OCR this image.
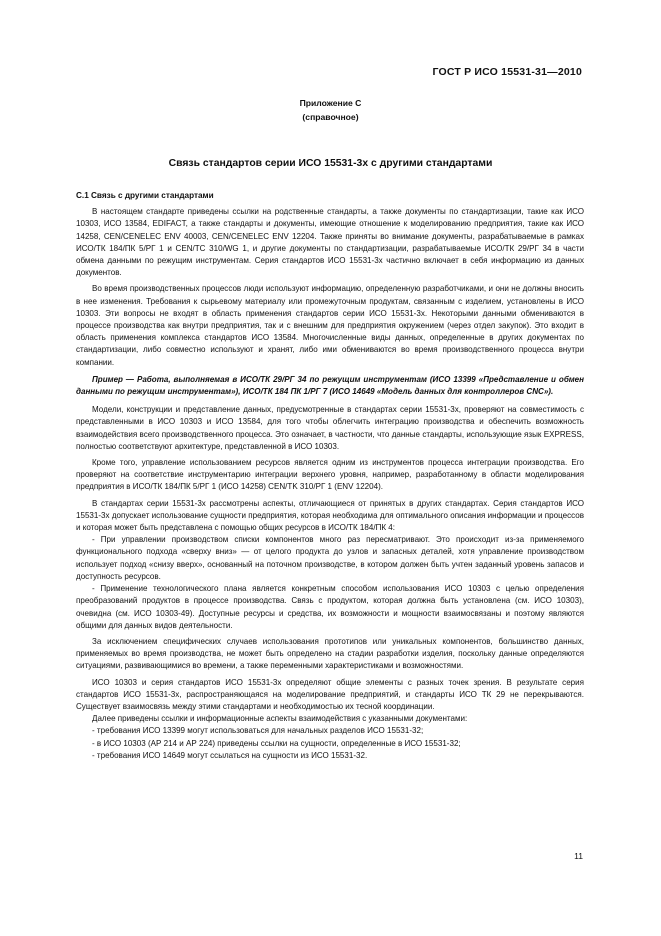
ГОСТ Р ИСО 15531-31—2010
Приложение С
(справочное)
Связь стандартов серии ИСО 15531-3х с другими стандартами
С.1 Связь с другими стандартами

В настоящем стандарте приведены ссылки на родственные стандарты, а также документы по стандартизации, такие как ИСО 10303, ИСО 13584, EDIFACT, а также стандарты и документы, имеющие отношение к моделированию предприятия, такие как ИСО 14258, CEN/CENELEC ENV 40003, CEN/CENELEC ENV 12204. Также приняты во внимание документы, разрабатываемые в рамках ИСО/ТК 184/ПК 5/РГ 1 и CEN/TC 310/WG 1, и другие документы по стандартизации, разрабатываемые ИСО/ТК 29/РГ 34 в части обмена данными по режущим инструментам. Серия стандартов ИСО 15531-3х частично включает в себя информацию из данных документов.

Во время производственных процессов люди используют информацию, определенную разработчиками, и они не должны вносить в нее изменения. Требования к сырьевому материалу или промежуточным продуктам, связанным с изделием, установлены в ИСО 10303. Эти вопросы не входят в область применения стандартов серии ИСО 15531-3х. Некоторыми данными обмениваются в процессе производства как внутри предприятия, так и с внешним для предприятия окружением (через отдел закупок). Это входит в область применения комплекса стандартов ИСО 13584. Многочисленные виды данных, определенные в других документах по стандартизации, либо совместно используют и хранят, либо ими обмениваются во время производственного процесса внутри компании.

Пример — Работа, выполняемая в ИСО/ТК 29/РГ 34 по режущим инструментам (ИСО 13399 «Представление и обмен данными по режущим инструментам»), ИСО/ТК 184 ПК 1/РГ 7 (ИСО 14649 «Модель данных для контроллеров CNC»).

Модели, конструкции и представление данных, предусмотренные в стандартах серии 15531-3х, проверяют на совместимость с представленными в ИСО 10303 и ИСО 13584, для того чтобы облегчить интеграцию производства и обеспечить возможность взаимодействия всего производственного процесса. Это означает, в частности, что данные стандарты, использующие язык EXPRESS, полностью соответствуют архитектуре, представленной в ИСО 10303.

Кроме того, управление использованием ресурсов является одним из инструментов процесса интеграции производства. Его проверяют на соответствие инструментарию интеграции верхнего уровня, например, разработанному в области моделирования предприятия в ИСО/ТК 184/ПК 5/РГ 1 (ИСО 14258) CEN/TK 310/РГ 1 (ENV 12204).

В стандартах серии 15531-3х рассмотрены аспекты, отличающиеся от принятых в других стандартах. Серия стандартов ИСО 15531-3х допускает использование сущности предприятия, которая необходима для оптимального описания информации и процессов и которая может быть представлена с помощью общих ресурсов в ИСО/ТК 184/ПК 4:

- При управлении производством списки компонентов много раз пересматривают. Это происходит из-за применяемого функционального подхода «сверху вниз» — от целого продукта до узлов и запасных деталей, хотя управление производством использует подход «снизу вверх», основанный на поточном производстве, в котором должен быть учтен заданный уровень запасов и доступность ресурсов.

- Применение технологического плана является конкретным способом использования ИСО 10303 с целью определения преобразований продуктов в процессе производства. Связь с продуктом, которая должна быть установлена (см. ИСО 10303), очевидна (см. ИСО 10303-49). Доступные ресурсы и средства, их возможности и мощности взаимосвязаны и поэтому являются общими для данных видов деятельности.

За исключением специфических случаев использования прототипов или уникальных компонентов, большинство данных, применяемых во время производства, не может быть определено на стадии разработки изделия, поскольку данные определяются ситуациями, развивающимися во времени, а также переменными характеристиками и возможностями.

ИСО 10303 и серия стандартов ИСО 15531-3х определяют общие элементы с разных точек зрения. В результате серия стандартов ИСО 15531-3х, распространяющаяся на моделирование предприятий, и стандарты ИСО ТК 29 не перекрываются. Существует взаимосвязь между этими стандартами и необходимостью их тесной координации.

Далее приведены ссылки и информационные аспекты взаимодействия с указанными документами:

- требования ИСО 13399 могут использоваться для начальных разделов ИСО 15531-32;

- в ИСО 10303 (АР 214 и АР 224) приведены ссылки на сущности, определенные в ИСО 15531-32;

- требования ИСО 14649 могут ссылаться на сущности из ИСО 15531-32.

11
